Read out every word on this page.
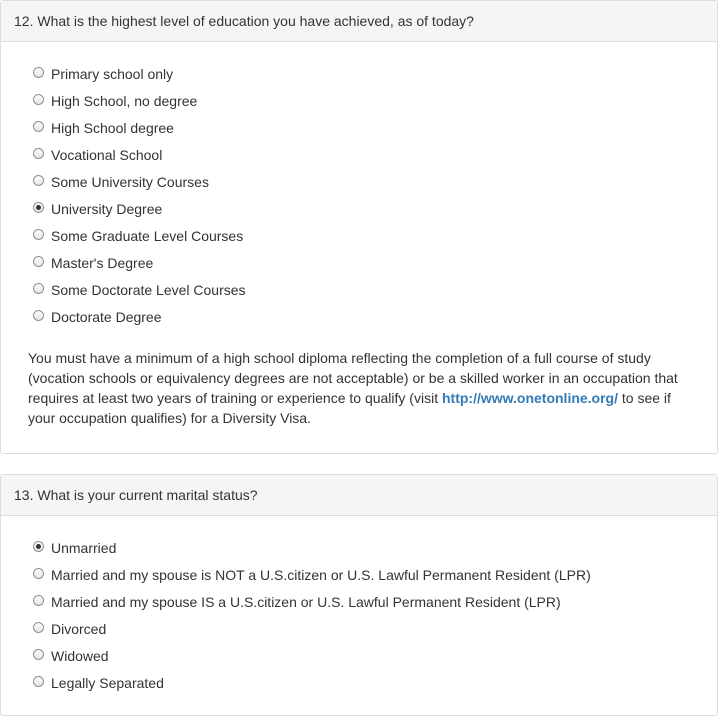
12. What is the highest level of education you have achieved, as of today?
Primary school only
High School, no degree
High School degree
Vocational School
Some University Courses
University Degree
Some Graduate Level Courses
Master's Degree
Some Doctorate Level Courses
Doctorate Degree

You must have a minimum of a high school diploma reflecting the completion of a full course of study (vocation schools or equivalency degrees are not acceptable) or be a skilled worker in an occupation that requires at least two years of training or experience to qualify (visit http://www.onetonline.org/ to see if your occupation qualifies) for a Diversity Visa.

13. What is your current marital status?
Unmarried
Married and my spouse is NOT a U.S.citizen or U.S. Lawful Permanent Resident (LPR)
Married and my spouse IS a U.S.citizen or U.S. Lawful Permanent Resident (LPR)
Divorced
Widowed
Legally Separated
